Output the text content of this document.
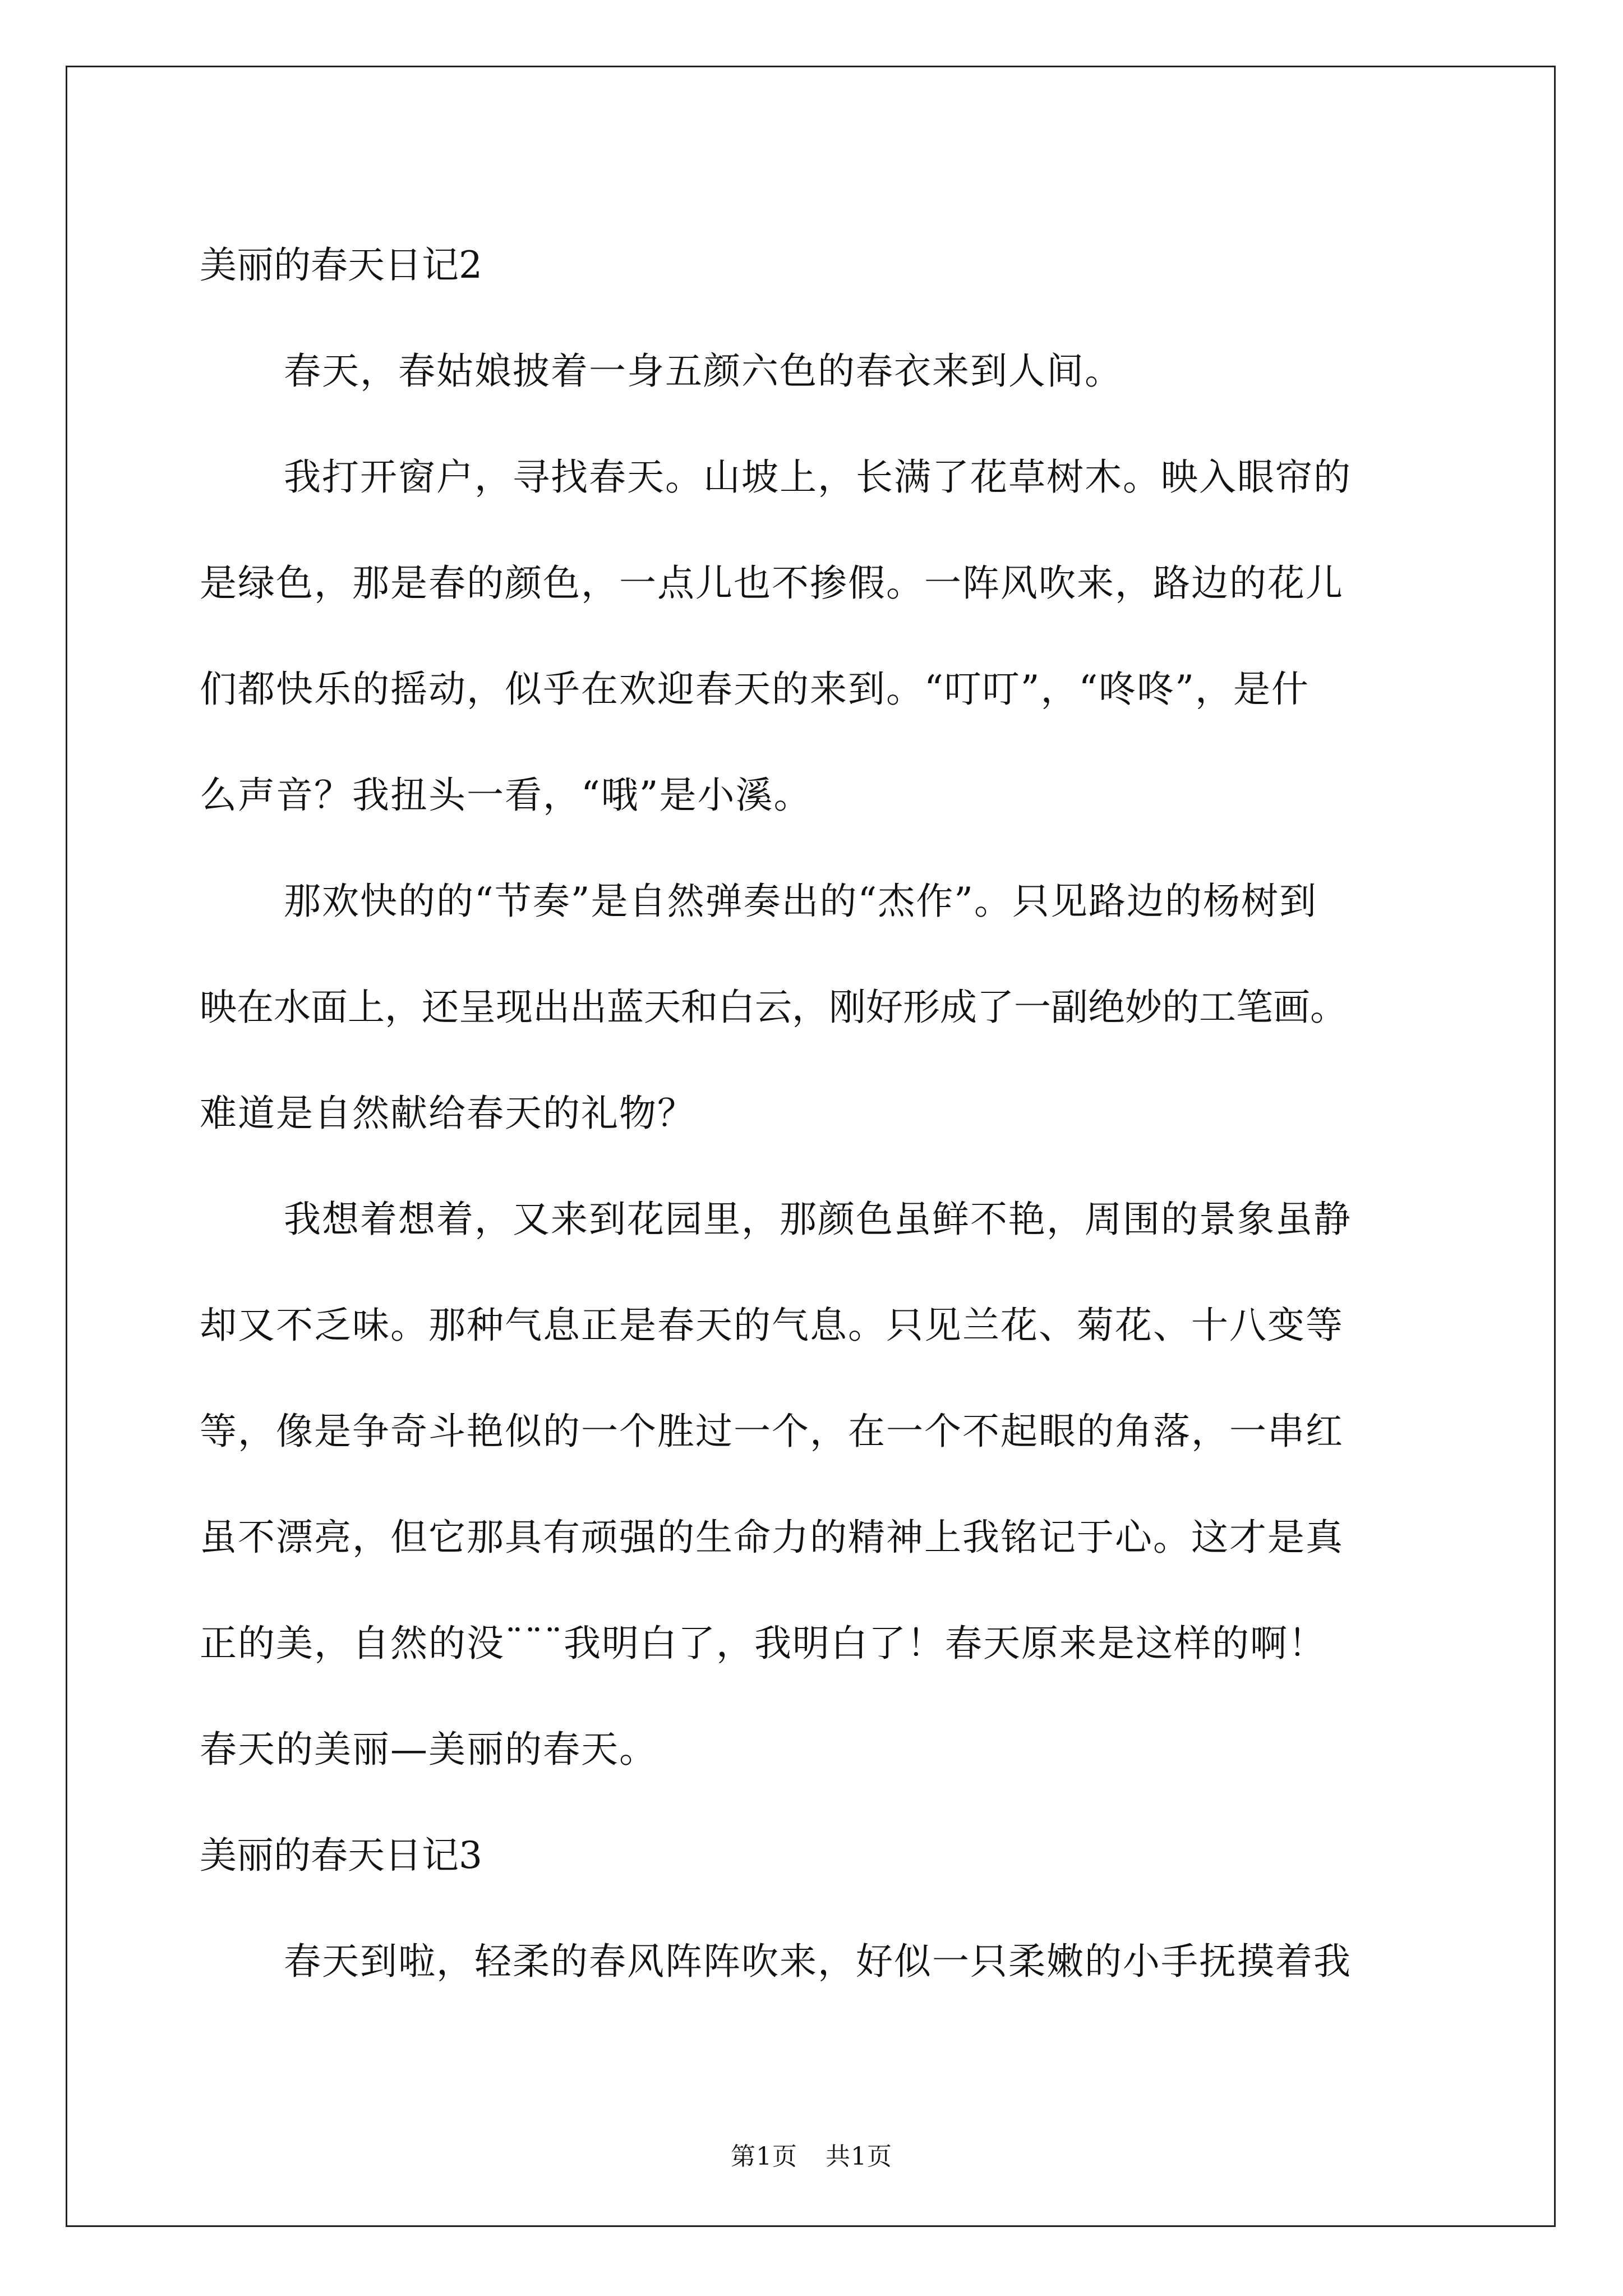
美丽的春天日记2
春天，春姑娘披着一身五颜六色的春衣来到人间。
我打开窗户，寻找春天。山坡上，长满了花草树木。映入眼帘的
是绿色，那是春的颜色，一点儿也不掺假。一阵风吹来，路边的花儿
们都快乐的摇动，似乎在欢迎春天的来到。“叮叮”，“咚咚”，是什
么声音？我扭头一看，“哦”是小溪。
那欢快的的“节奏”是自然弹奏出的“杰作”。只见路边的杨树到
映在水面上，还呈现出出蓝天和白云，刚好形成了一副绝妙的工笔画。
难道是自然献给春天的礼物？
我想着想着，又来到花园里，那颜色虽鲜不艳，周围的景象虽静
却又不乏味。那种气息正是春天的气息。只见兰花、菊花、十八变等
等，像是争奇斗艳似的一个胜过一个，在一个不起眼的角落，一串红
虽不漂亮，但它那具有顽强的生命力的精神上我铭记于心。这才是真
正的美，自然的没¨¨¨我明白了，我明白了！春天原来是这样的啊！
春天的美丽—美丽的春天。
美丽的春天日记3
春天到啦，轻柔的春风阵阵吹来，好似一只柔嫩的小手抚摸着我
第1页 共1页
